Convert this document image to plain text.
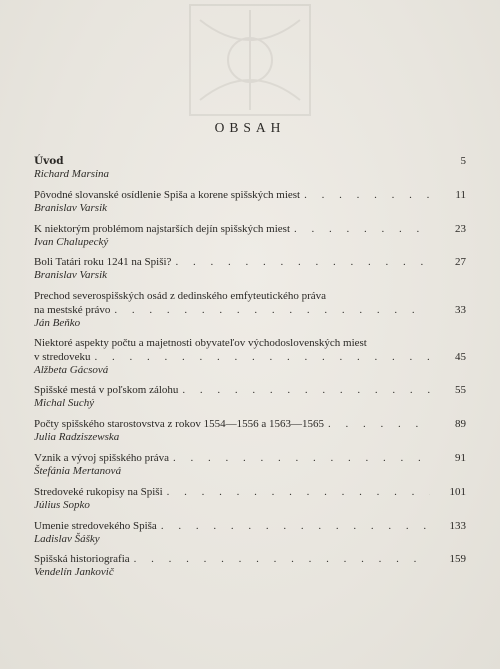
OBSAH
Úvod	5
Richard Marsina
Pôvodné slovanské osídlenie Spiša a korene spišských miest . . .	11
Branislav Varsik
K niektorým problémom najstarších dejín spišských miest . . .	23
Ivan Chalupecký
Boli Tatári roku 1241 na Spiši? . . .	27
Branislav Varsik
Prechod severospišských osád z dedinského emfyteutického práva
na mestské právo . . .	33
Ján Beňko
Niektoré aspekty počtu a majetnosti obyvateľov východoslovenských miest
v stredoveku . . .	45
Alžbeta Gácsová
Spišské mestá v poľskom zálohu . . .	55
Michal Suchý
Počty spišského starostovstva z rokov 1554—1556 a 1563—1565 . . .	89
Julia Radziszewska
Vznik a vývoj spišského práva . . .	91
Štefánia Mertanová
Stredoveké rukopisy na Spiši . . .	101
Július Sopko
Umenie stredovekého Spiša . . .	133
Ladislav Šášky
Spišská historiografia . . .	159
Vendelín Jankovič
